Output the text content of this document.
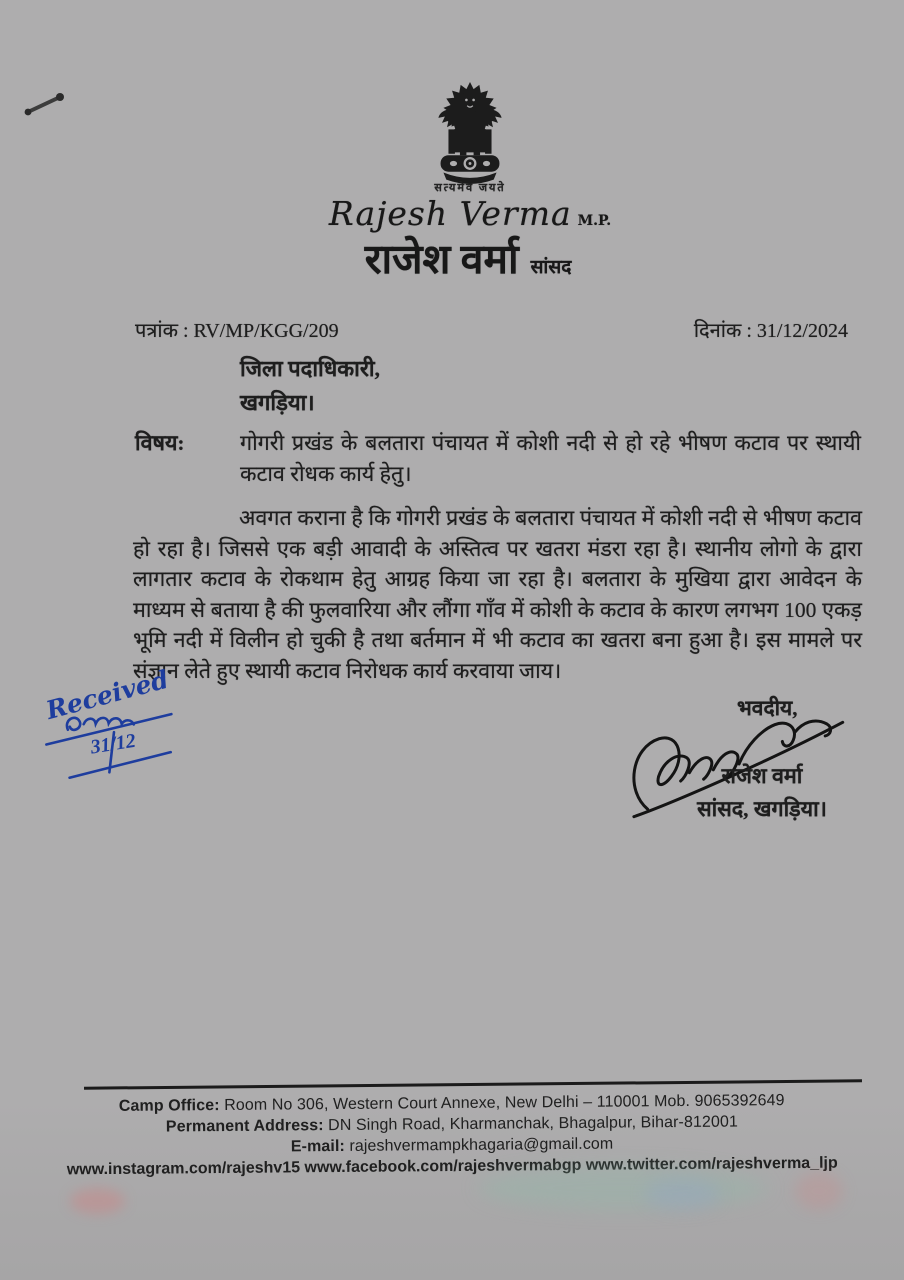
सत्यमेव जयते
Rajesh Verma M.P.
राजेश वर्मा सांसद
पत्रांक : RV/MP/KGG/209	दिनांक : 31/12/2024
जिला पदाधिकारी,
खगड़िया।
विषय:	गोगरी प्रखंड के बलतारा पंचायत में कोशी नदी से हो रहे भीषण कटाव पर स्थायी कटाव रोधक कार्य हेतु।
अवगत कराना है कि गोगरी प्रखंड के बलतारा पंचायत में कोशी नदी से भीषण कटाव हो रहा है। जिससे एक बड़ी आवादी के अस्तित्व पर खतरा मंडरा रहा है। स्थानीय लोगो के द्वारा लागतार कटाव के रोकथाम हेतु आग्रह किया जा रहा है। बलतारा के मुखिया द्वारा आवेदन के माध्यम से बताया है की फुलवारिया और लौंगा गाँव में कोशी के कटाव के कारण लगभग 100 एकड़ भूमि नदी में विलीन हो चुकी है तथा बर्तमान में भी कटाव का खतरा बना हुआ है। इस मामले पर संज्ञान लेते हुए स्थायी कटाव निरोधक कार्य करवाया जाय।
भवदीय,
राजेश वर्मा
सांसद, खगड़िया।
Received
31/12
Camp Office: Room No 306, Western Court Annexe, New Delhi – 110001 Mob. 9065392649
Permanent Address: DN Singh Road, Kharmanchak, Bhagalpur, Bihar-812001
E-mail: rajeshvermampkhagaria@gmail.com
www.instagram.com/rajeshv15 www.facebook.com/rajeshvermabgp www.twitter.com/rajeshverma_ljp
